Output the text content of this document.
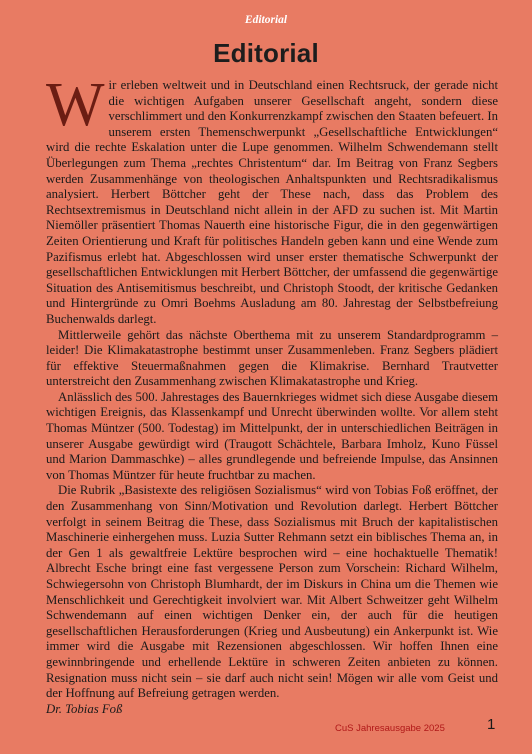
Editorial
Editorial

Wir erleben weltweit und in Deutschland einen Rechtsruck, der gerade nicht die wichtigen Aufgaben unserer Gesellschaft angeht, sondern diese verschlimmert und den Konkurrenzkampf zwischen den Staaten befeuert. In unserem ersten Themenschwerpunkt „Gesellschaftliche Entwicklungen“ wird die rechte Eskalation unter die Lupe genommen. Wilhelm Schwendemann stellt Überlegungen zum Thema „rechtes Christentum“ dar. Im Beitrag von Franz Segbers werden Zusammenhänge von theologischen Anhaltspunkten und Rechtsradikalismus analysiert. Herbert Böttcher geht der These nach, dass das Problem des Rechtsextremismus in Deutschland nicht allein in der AFD zu suchen ist. Mit Martin Niemöller präsentiert Thomas Nauerth eine historische Figur, die in den gegenwärtigen Zeiten Orientierung und Kraft für politisches Handeln geben kann und eine Wende zum Pazifismus erlebt hat. Abgeschlossen wird unser erster thematische Schwerpunkt der gesellschaftlichen Entwicklungen mit Herbert Böttcher, der umfassend die gegenwärtige Situation des Antisemitismus beschreibt, und Christoph Stoodt, der kritische Gedanken und Hintergründe zu Omri Boehms Ausladung am 80. Jahrestag der Selbstbefreiung Buchenwalds darlegt.

Mittlerweile gehört das nächste Oberthema mit zu unserem Standardprogramm – leider! Die Klimakatastrophe bestimmt unser Zusammenleben. Franz Segbers plädiert für effektive Steuermaßnahmen gegen die Klimakrise. Bernhard Trautvetter unterstreicht den Zusammenhang zwischen Klimakatastrophe und Krieg.

Anlässlich des 500. Jahrestages des Bauernkrieges widmet sich diese Ausgabe diesem wichtigen Ereignis, das Klassenkampf und Unrecht überwinden wollte. Vor allem steht Thomas Müntzer (500. Todestag) im Mittelpunkt, der in unterschiedlichen Beiträgen in unserer Ausgabe gewürdigt wird (Traugott Schächtele, Barbara Imholz, Kuno Füssel und Marion Dammaschke) – alles grundlegende und befreiende Impulse, das Ansinnen von Thomas Müntzer für heute fruchtbar zu machen.

Die Rubrik „Basistexte des religiösen Sozialismus“ wird von Tobias Foß eröffnet, der den Zusammenhang von Sinn/Motivation und Revolution darlegt. Herbert Böttcher verfolgt in seinem Beitrag die These, dass Sozialismus mit Bruch der kapitalistischen Maschinerie einhergehen muss. Luzia Sutter Rehmann setzt ein biblisches Thema an, in der Gen 1 als gewaltfreie Lektüre besprochen wird – eine hochaktuelle Thematik! Albrecht Esche bringt eine fast vergessene Person zum Vorschein: Richard Wilhelm, Schwiegersohn von Christoph Blumhardt, der im Diskurs in China um die Themen wie Menschlichkeit und Gerechtigkeit involviert war. Mit Albert Schweitzer geht Wilhelm Schwendemann auf einen wichtigen Denker ein, der auch für die heutigen gesellschaftlichen Herausforderungen (Krieg und Ausbeutung) ein Ankerpunkt ist. Wie immer wird die Ausgabe mit Rezensionen abgeschlossen. Wir hoffen Ihnen eine gewinnbringende und erhellende Lektüre in schweren Zeiten anbieten zu können. Resignation muss nicht sein – sie darf auch nicht sein! Mögen wir alle vom Geist und der Hoffnung auf Befreiung getragen werden.

Dr. Tobias Foß

CuS Jahresausgabe 2025	1
